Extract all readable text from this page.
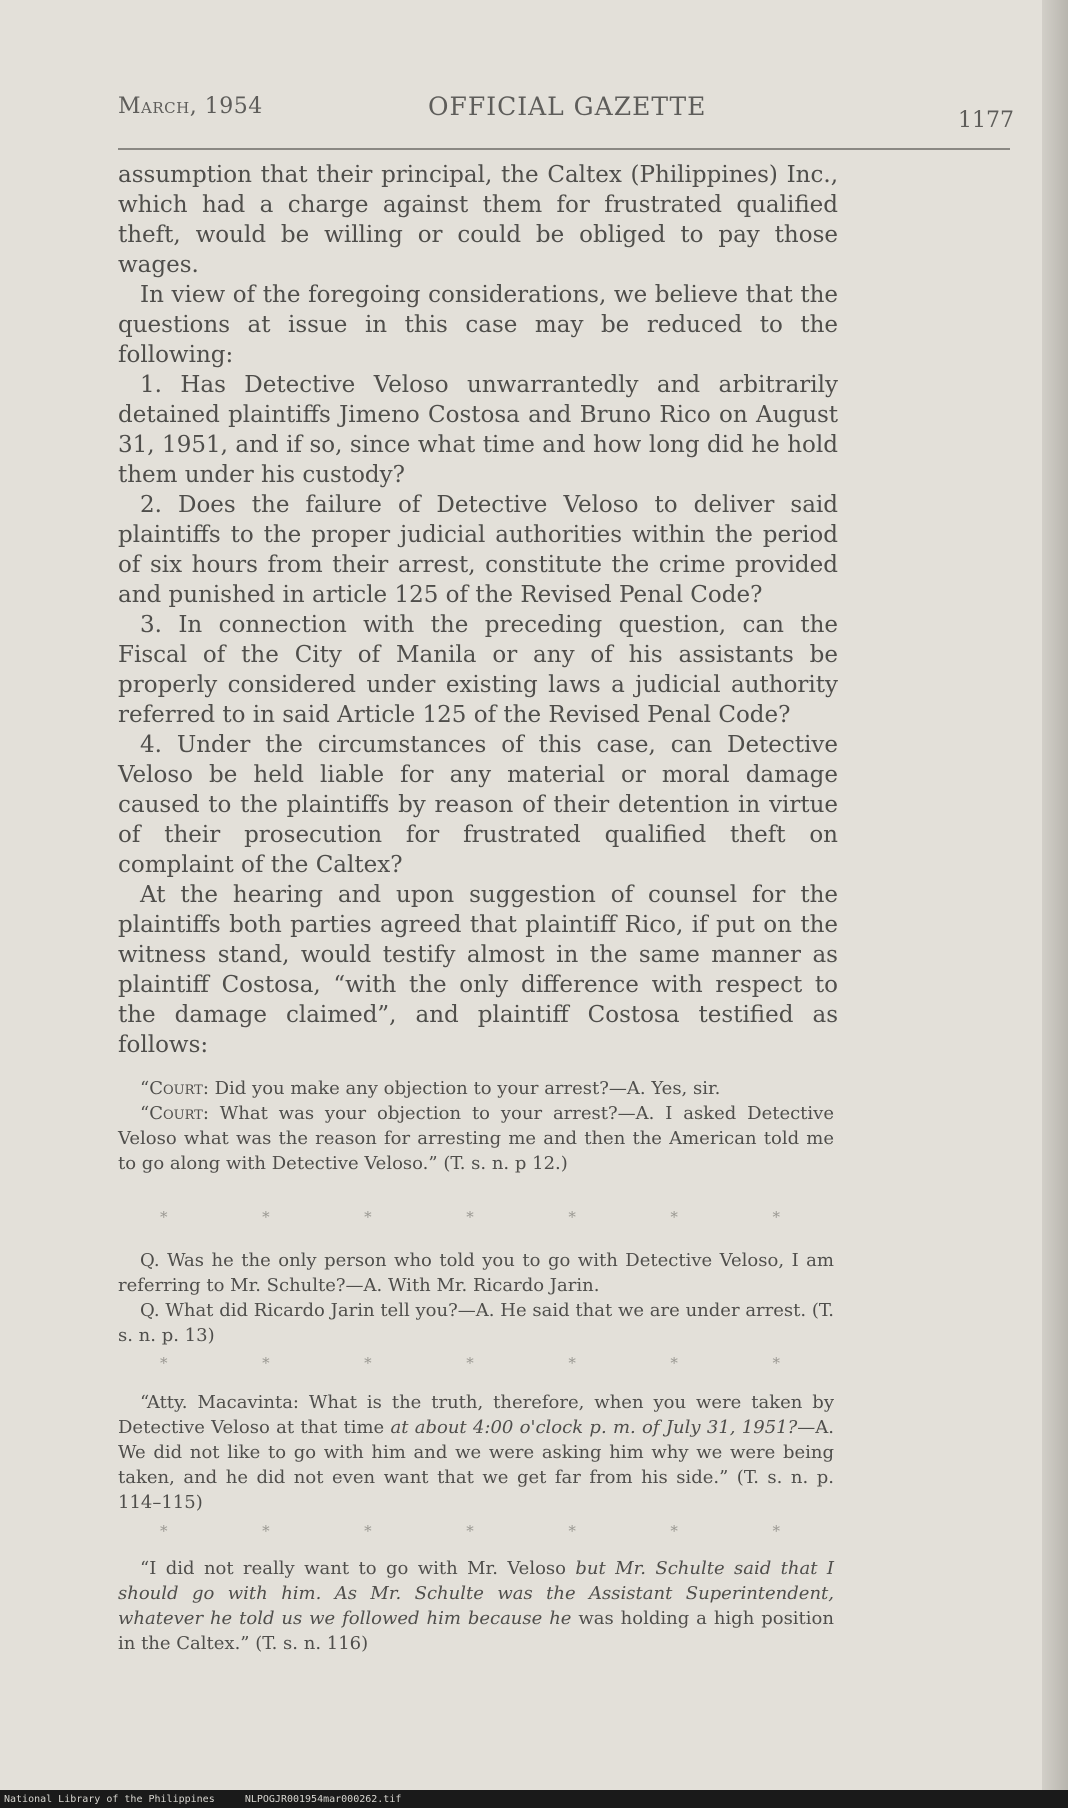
March, 1954	OFFICIAL GAZETTE	1177

assumption that their principal, the Caltex (Philippines) Inc., which had a charge against them for frustrated qualified theft, would be willing or could be obliged to pay those wages.

In view of the foregoing considerations, we believe that the questions at issue in this case may be reduced to the following:

1. Has Detective Veloso unwarrantedly and arbitrarily detained plaintiffs Jimeno Costosa and Bruno Rico on August 31, 1951, and if so, since what time and how long did he hold them under his custody?

2. Does the failure of Detective Veloso to deliver said plaintiffs to the proper judicial authorities within the period of six hours from their arrest, constitute the crime provided and punished in article 125 of the Revised Penal Code?

3. In connection with the preceding question, can the Fiscal of the City of Manila or any of his assistants be properly considered under existing laws a judicial authority referred to in said Article 125 of the Revised Penal Code?

4. Under the circumstances of this case, can Detective Veloso be held liable for any material or moral damage caused to the plaintiffs by reason of their detention in virtue of their prosecution for frustrated qualified theft on complaint of the Caltex?

At the hearing and upon suggestion of counsel for the plaintiffs both parties agreed that plaintiff Rico, if put on the witness stand, would testify almost in the same manner as plaintiff Costosa, “with the only difference with respect to the damage claimed”, and plaintiff Costosa testified as follows:

“Court: Did you make any objection to your arrest?—A. Yes, sir.

“Court: What was your objection to your arrest?—A. I asked Detective Veloso what was the reason for arresting me and then the American told me to go along with Detective Veloso.” (T. s. n. p 12.)

*	*	*	*	*	*	*

Q. Was he the only person who told you to go with Detective Veloso, I am referring to Mr. Schulte?—A. With Mr. Ricardo Jarin.

Q. What did Ricardo Jarin tell you?—A. He said that we are under arrest. (T. s. n. p. 13)

*	*	*	*	*	*	*

“Atty. Macavinta: What is the truth, therefore, when you were taken by Detective Veloso at that time at about 4:00 o'clock p. m. of July 31, 1951?—A. We did not like to go with him and we were asking him why we were being taken, and he did not even want that we get far from his side.” (T. s. n. p. 114–115)

*	*	*	*	*	*	*

“I did not really want to go with Mr. Veloso but Mr. Schulte said that I should go with him. As Mr. Schulte was the Assistant Superintendent, whatever he told us we followed him because he was holding a high position in the Caltex.” (T. s. n. 116)

National Library of the Philippines     NLPOGJR001954mar000262.tif
